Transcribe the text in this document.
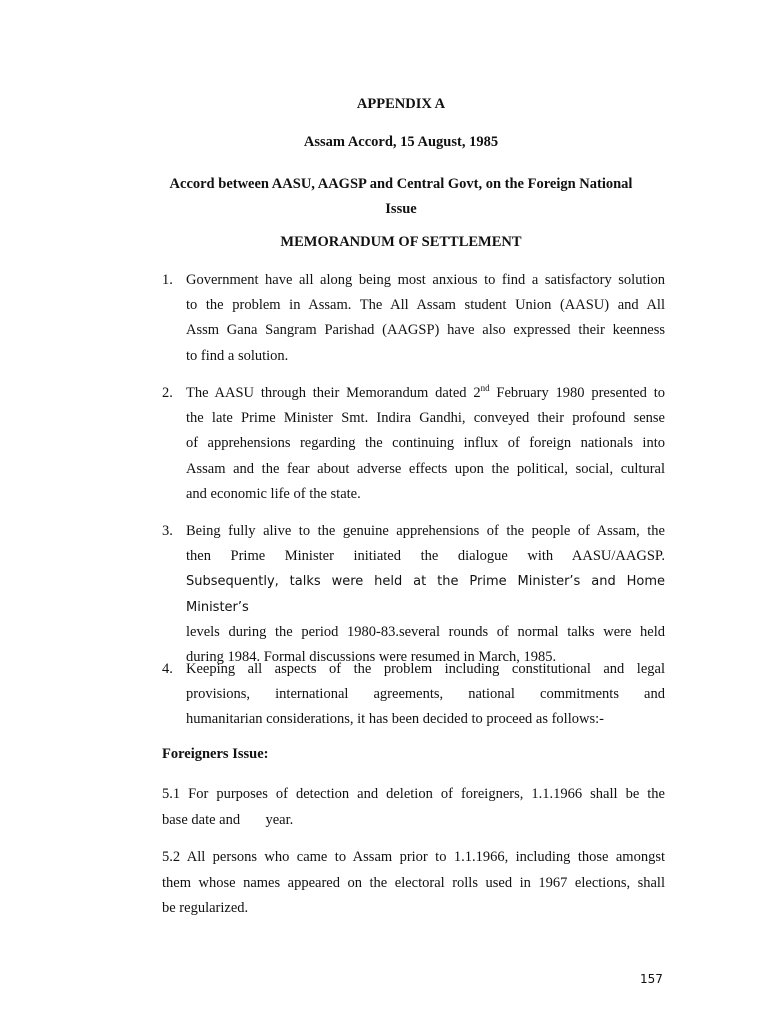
APPENDIX A

Assam Accord, 15 August, 1985

Accord between AASU, AAGSP and Central Govt, on the Foreign National
Issue

MEMORANDUM OF SETTLEMENT

1. Government have all along being most anxious to find a satisfactory solution
to the problem in Assam. The All Assam student Union (AASU) and All
Assm Gana Sangram Parishad (AAGSP) have also expressed their keenness
to find a solution.
2. The AASU through their Memorandum dated 2nd February 1980 presented to
the late Prime Minister Smt. Indira Gandhi, conveyed their profound sense
of apprehensions regarding the continuing influx of foreign nationals into
Assam and the fear about adverse effects upon the political, social, cultural
and economic life of the state.
3. Being fully alive to the genuine apprehensions of the people of Assam, the
then Prime Minister initiated the dialogue with AASU/AAGSP.
Subsequently, talks were held at the Prime Minister’s and Home Minister’s
levels during the period 1980-83.several rounds of normal talks were held
during 1984. Formal discussions were resumed in March, 1985.
4. Keeping all aspects of the problem including constitutional and legal
provisions, international agreements, national commitments and
humanitarian considerations, it has been decided to proceed as follows:-

Foreigners Issue:

5.1 For purposes of detection and deletion of foreigners, 1.1.1966 shall be the
base date and       year.
5.2 All persons who came to Assam prior to 1.1.1966, including those amongst
them whose names appeared on the electoral rolls used in 1967 elections, shall
be regularized.
157
